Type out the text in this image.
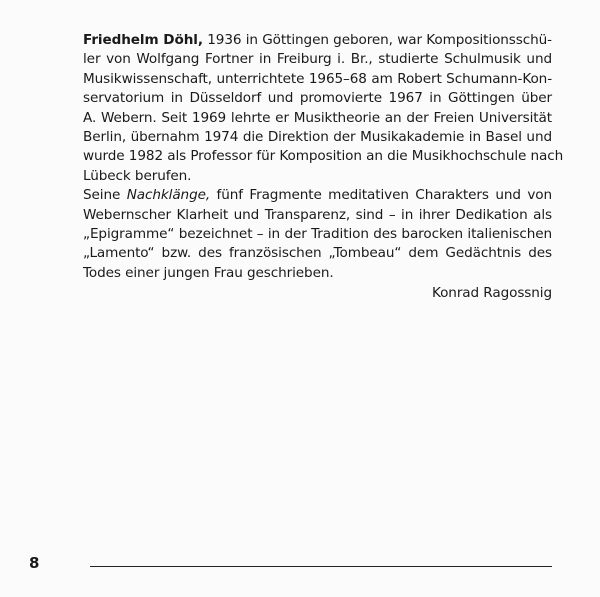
Friedhelm Döhl, 1936 in Göttingen geboren, war Kompositionsschü-
ler von Wolfgang Fortner in Freiburg i. Br., studierte Schulmusik und
Musikwissenschaft, unterrichtete 1965–68 am Robert Schumann-Kon-
servatorium in Düsseldorf und promovierte 1967 in Göttingen über
A. Webern. Seit 1969 lehrte er Musiktheorie an der Freien Universität
Berlin, übernahm 1974 die Direktion der Musikakademie in Basel und
wurde 1982 als Professor für Komposition an die Musikhochschule nach
Lübeck berufen.
Seine Nachklänge, fünf Fragmente meditativen Charakters und von
Webernscher Klarheit und Transparenz, sind – in ihrer Dedikation als
„Epigramme“ bezeichnet – in der Tradition des barocken italienischen
„Lamento“ bzw. des französischen „Tombeau“ dem Gedächtnis des
Todes einer jungen Frau geschrieben.
Konrad Ragossnig
8
